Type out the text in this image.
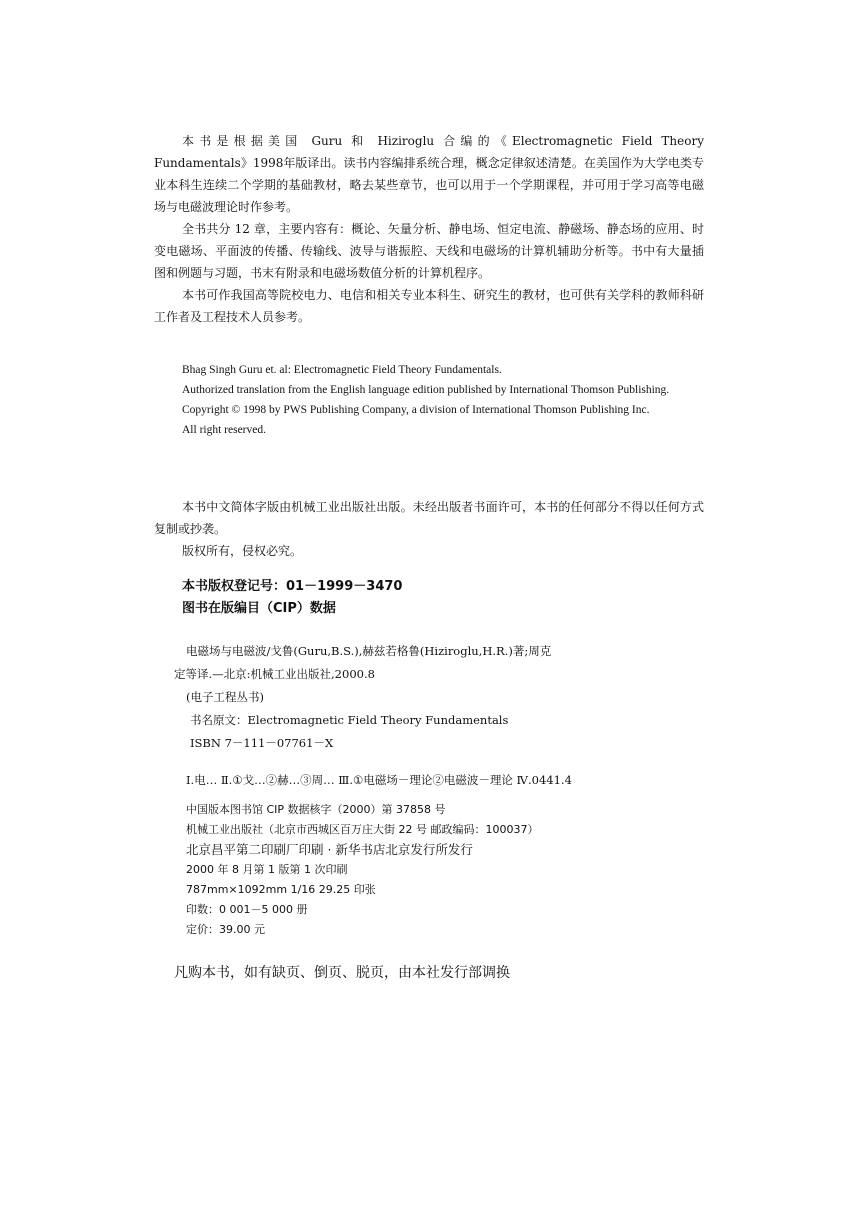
本书是根据美国 Guru 和 Hiziroglu 合编的《Electromagnetic Field Theory Fundamentals》1998年版译出。读书内容编排系统合理，概念定律叙述清楚。在美国作为大学电类专业本科生连续二个学期的基础教材，略去某些章节，也可以用于一个学期课程，并可用于学习高等电磁场与电磁波理论时作参考。

全书共分 12 章，主要内容有：概论、矢量分析、静电场、恒定电流、静磁场、静态场的应用、时变电磁场、平面波的传播、传输线、波导与谐振腔、天线和电磁场的计算机辅助分析等。书中有大量插图和例题与习题，书末有附录和电磁场数值分析的计算机程序。

本书可作我国高等院校电力、电信和相关专业本科生、研究生的教材，也可供有关学科的教师科研工作者及工程技术人员参考。

Bhag Singh Guru et. al: Electromagnetic Field Theory Fundamentals.

Authorized translation from the English language edition published by International Thomson Publishing.

Copyright © 1998 by PWS Publishing Company, a division of International Thomson Publishing Inc.

All right reserved.

本书中文简体字版由机械工业出版社出版。未经出版者书面许可，本书的任何部分不得以任何方式复制或抄袭。

版权所有，侵权必究。

本书版权登记号：01－1999－3470

图书在版编目（CIP）数据

电磁场与电磁波/戈鲁(Guru,B.S.),赫兹若格鲁(Hiziroglu,H.R.)著;周克

定等译.—北京:机械工业出版社,2000.8

(电子工程丛书)

书名原文：Electromagnetic Field Theory Fundamentals

ISBN 7－111－07761－X

Ⅰ.电… Ⅱ.①戈…②赫…③周… Ⅲ.①电磁场－理论②电磁波－理论 Ⅳ.0441.4

中国版本图书馆 CIP 数据核字（2000）第 37858 号

机械工业出版社（北京市西城区百万庄大街 22 号 邮政编码：100037）

北京昌平第二印刷厂印刷 · 新华书店北京发行所发行

2000 年 8 月第 1 版第 1 次印刷

787mm×1092mm 1/16 29.25 印张

印数：0 001－5 000 册

定价：39.00 元

凡购本书，如有缺页、倒页、脱页，由本社发行部调换
